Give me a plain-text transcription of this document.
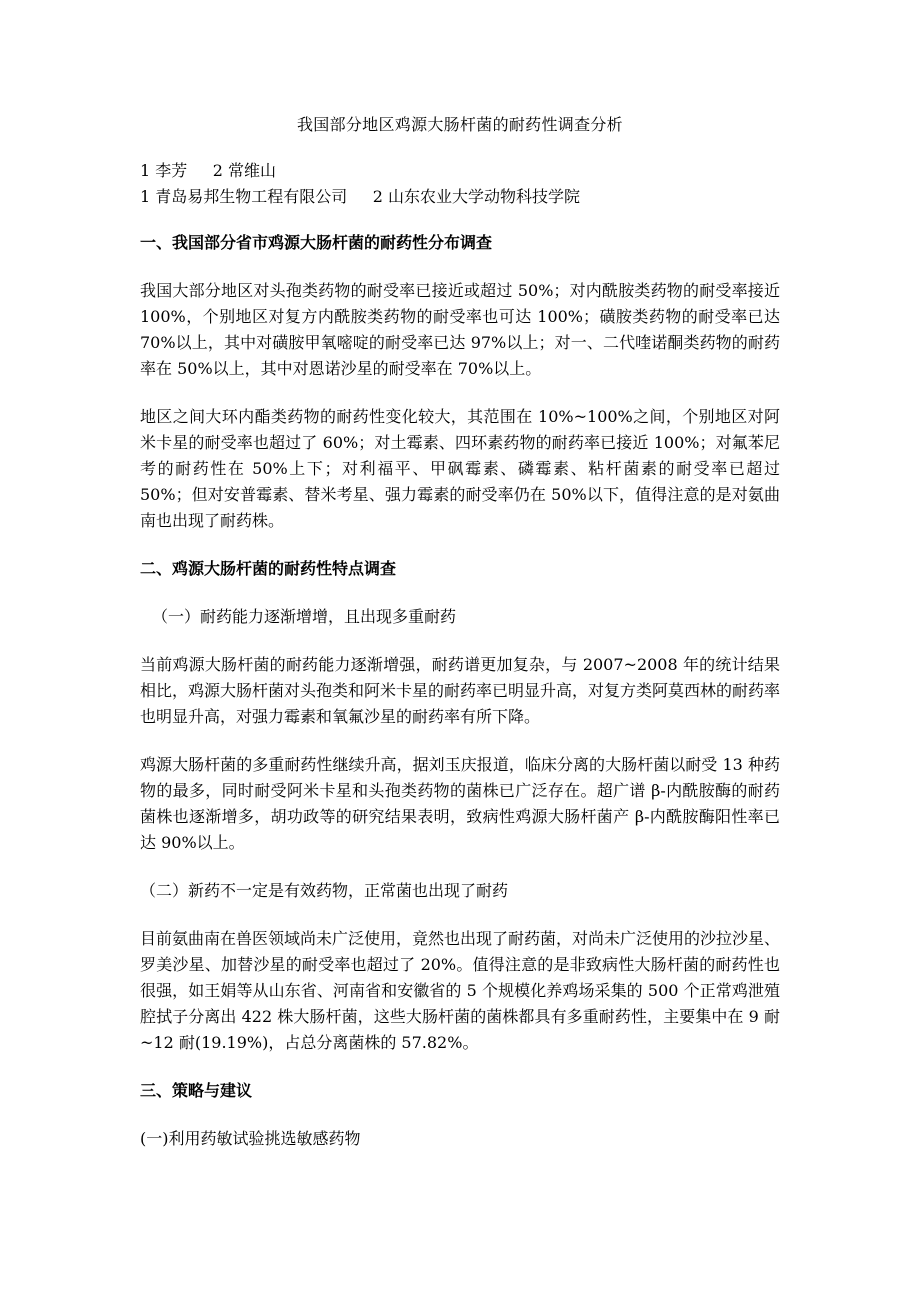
我国部分地区鸡源大肠杆菌的耐药性调查分析

1 李芳     2 常维山

1 青岛易邦生物工程有限公司     2 山东农业大学动物科技学院

一、我国部分省市鸡源大肠杆菌的耐药性分布调查

我国大部分地区对头孢类药物的耐受率已接近或超过 50%；对内酰胺类药物的耐受率接近 100%，个别地区对复方内酰胺类药物的耐受率也可达 100%；磺胺类药物的耐受率已达 70%以上，其中对磺胺甲氧嘧啶的耐受率已达 97%以上；对一、二代喹诺酮类药物的耐药率在 50%以上，其中对恩诺沙星的耐受率在 70%以上。

地区之间大环内酯类药物的耐药性变化较大，其范围在 10%~100%之间，个别地区对阿米卡星的耐受率也超过了 60%；对土霉素、四环素药物的耐药率已接近 100%；对氟苯尼考的耐药性在 50%上下；对利福平、甲砜霉素、磷霉素、粘杆菌素的耐受率已超过 50%；但对安普霉素、替米考星、强力霉素的耐受率仍在 50%以下，值得注意的是对氨曲南也出现了耐药株。

二、鸡源大肠杆菌的耐药性特点调查

（一）耐药能力逐渐增增，且出现多重耐药

当前鸡源大肠杆菌的耐药能力逐渐增强，耐药谱更加复杂，与 2007~2008 年的统计结果相比，鸡源大肠杆菌对头孢类和阿米卡星的耐药率已明显升高，对复方类阿莫西林的耐药率也明显升高，对强力霉素和氧氟沙星的耐药率有所下降。

鸡源大肠杆菌的多重耐药性继续升高，据刘玉庆报道，临床分离的大肠杆菌以耐受 13 种药物的最多，同时耐受阿米卡星和头孢类药物的菌株已广泛存在。超广谱 β-内酰胺酶的耐药菌株也逐渐增多，胡功政等的研究结果表明，致病性鸡源大肠杆菌产 β-内酰胺酶阳性率已达 90%以上。

（二）新药不一定是有效药物，正常菌也出现了耐药

目前氨曲南在兽医领域尚未广泛使用，竟然也出现了耐药菌，对尚未广泛使用的沙拉沙星、罗美沙星、加替沙星的耐受率也超过了 20%。值得注意的是非致病性大肠杆菌的耐药性也很强，如王娟等从山东省、河南省和安徽省的 5 个规模化养鸡场采集的 500 个正常鸡泄殖腔拭子分离出 422 株大肠杆菌，这些大肠杆菌的菌株都具有多重耐药性，主要集中在 9 耐~12 耐(19.19%)，占总分离菌株的 57.82%。

三、策略与建议

(一)利用药敏试验挑选敏感药物
